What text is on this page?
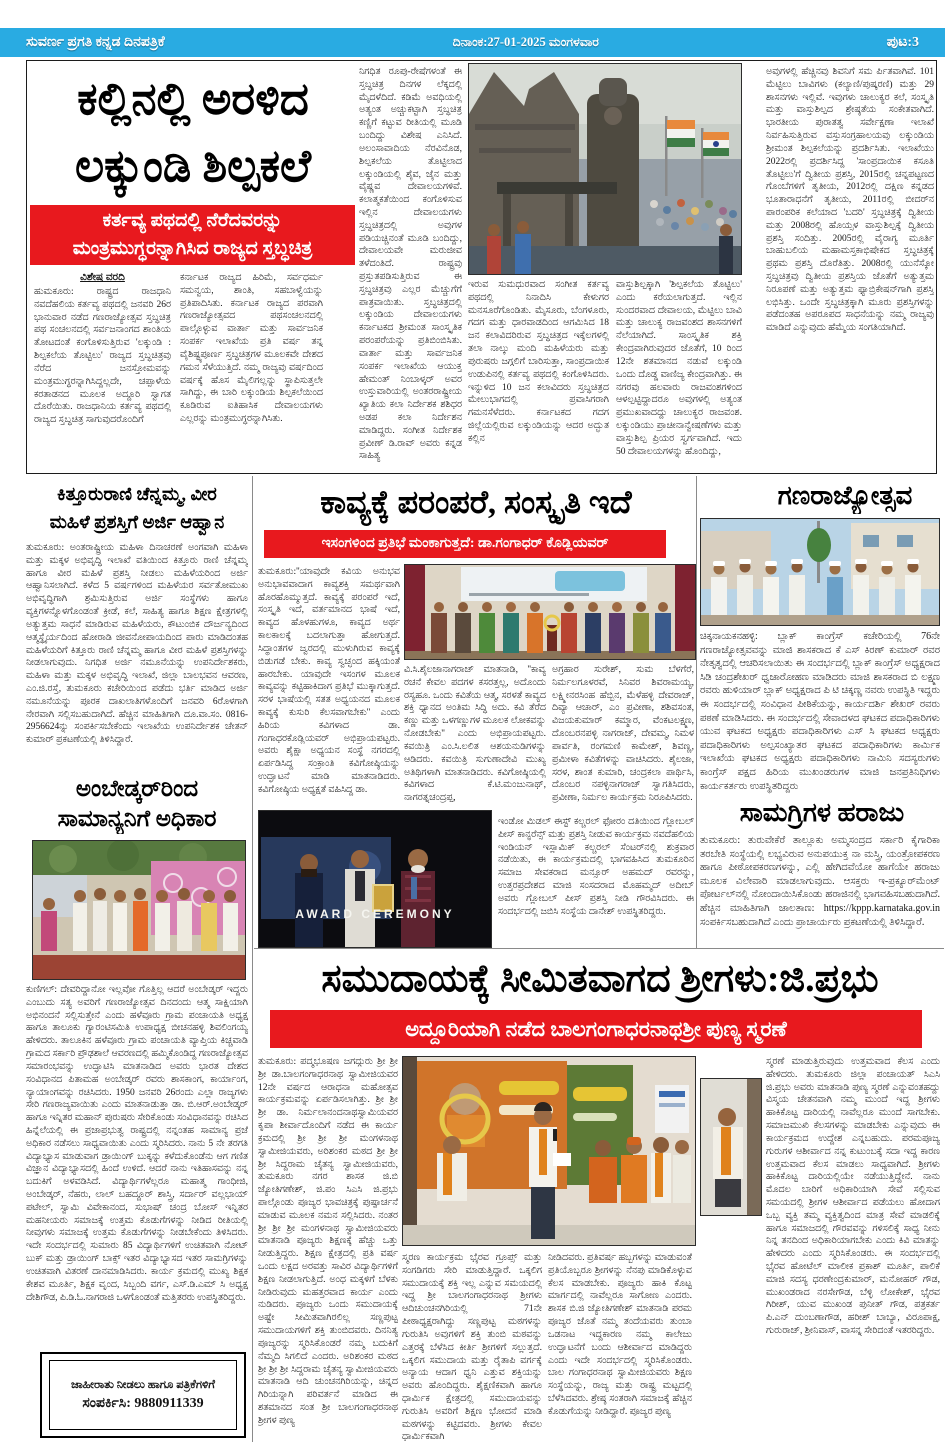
ಸುವರ್ಣ ಪ್ರಗತಿ ಕನ್ನಡ ದಿನಪತ್ರಿಕೆ	ದಿನಾಂಕ:27-01-2025 ಮಂಗಳವಾರ	ಪುಟ:3
ಕಲ್ಲಿನಲ್ಲಿ ಅರಳಿದ
ಲಕ್ಕುಂಡಿ ಶಿಲ್ಪಕಲೆ
ಕರ್ತವ್ಯ ಪಥದಲ್ಲಿ ನೆರೆದವರನ್ನು
ಮಂತ್ರಮುಗ್ಧರನ್ನಾಗಿಸಿದ ರಾಜ್ಯದ ಸ್ತಬ್ಧಚಿತ್ರ
ವಿಶೇಷ ವರದಿ
ಹುಮಕೂರು: ರಾಷ್ಟ್ರದ ರಾಜಧಾನಿ ನವದೆಹಲಿಯ ಕರ್ತವ್ಯ ಪಥದಲ್ಲಿ ಜನವರಿ 26ರ ಭಾನುವಾರ ನಡೆದ ಗಣರಾಜ್ಯೋತ್ಸವ ಸ್ತಬ್ಧಚಿತ್ರ ಪಥ ಸಂಚಲನದಲ್ಲಿ ಸರ್ವಜನಾಂಗದ ಶಾಂತಿಯ ತೋಟದಂತೆ ಕಂಗೊಳಿಸುತ್ತಿರುವ 'ಲಕ್ಕುಂಡಿ : ಶಿಲ್ಪಕಲೆಯ ತೊಟ್ಟಿಲು' ರಾಜ್ಯದ ಸ್ತಬ್ಧಚಿತ್ರವು ನೆರೆದ ಜನಸ್ತೋಮವನ್ನು ಮಂತ್ರಮುಗ್ಧರನ್ನಾಗಿಸಿದ್ದಲ್ಲದೇ, ಚಪ್ಪಾಳೆಯ ಕರತಾಡನದ ಮೂಲಕ ಅದ್ದೂರಿ ಸ್ವಾಗತ ದೊರೆಯಿತು. ರಾಜಧಾನಿಯ ಕರ್ತವ್ಯ ಪಥದಲ್ಲಿ ರಾಜ್ಯದ ಸ್ತಬ್ಧಚಿತ್ರ ಸಾಗುವುದರೊಂದಿಗೆ
ಕರ್ನಾಟಕ ರಾಜ್ಯದ ಹಿರಿಮೆ, ಸರ್ವಧರ್ಮ ಸಮನ್ವಯ, ಶಾಂತಿ, ಸಹಬಾಳ್ವೆಯನ್ನು ಪ್ರತಿಪಾದಿಸಿತು. ಕರ್ನಾಟಕ ರಾಜ್ಯದ ಪರವಾಗಿ ಗಣರಾಜ್ಯೋತ್ಸವದ ಪಥಸಂಚಲನದಲ್ಲಿ ಪಾಲ್ಗೊಳ್ಳುವ ವಾರ್ತಾ ಮತ್ತು ಸಾರ್ವಜನಿಕ ಸಂಪರ್ಕ ಇಲಾಖೆಯ ಪ್ರತಿ ವರ್ಷ ತನ್ನ ವೈಶಿಷ್ಟ್ಯಪೂರ್ಣ ಸ್ತಬ್ಧಚಿತ್ರಗಳ ಮೂಲಕವೇ ದೇಶದ ಗಮನ ಸೆಳೆಯುತ್ತಿದೆ. ನಮ್ಮ ರಾಜ್ಯವು ವರ್ಷದಿಂದ ವರ್ಷಕ್ಕೆ ಹೊಸ ಮೈಲಿಗಲ್ಲನ್ನು ಸ್ಥಾಪಿಸುತ್ತಲೇ ಸಾಗಿದ್ದು, ಈ ಬಾರಿ ಲಕ್ಕುಂಡಿಯ ಶಿಲ್ಪಕಲೆಯಿಂದ ಕೂಡಿರುವ ಐತಿಹಾಸಿಕ ದೇವಾಲಯಗಳು ಎಲ್ಲರನ್ನು ಮಂತ್ರಮುಗ್ಧರನ್ನಾಗಿಸಿತು.
ನಿಗಧಿತ ರೂಪು-ರೇಷೆಗಳಂತೆ ಈ ಸ್ತಬ್ಧಚಿತ್ರ ದಿನಗಳ ಲೆಕ್ಕದಲ್ಲಿ ಮೈದಳೆದಿದೆ. ಕಡಿಮೆ ಅವಧಿಯಲ್ಲಿ ಅತ್ಯಂತ ಅಚ್ಚುಕಟ್ಟಾಗಿ ಸ್ತಬ್ಧಚಿತ್ರ ಕಣ್ಣಿಗೆ ಕಟ್ಟುವ ರೀತಿಯಲ್ಲಿ ಮೂಡಿ ಬಂದಿದ್ದು ವಿಶೇಷ ಎನಿಸಿದೆ. ಅಲಂಸಾವಾದಿಯ ನೆರವಿನೊಡ, ಶಿಲ್ಪಕಲೆಯ ತೊಟ್ಟಿಲಾದ ಲಕ್ಕುಂಡಿಯಲ್ಲಿ ಶೈವ, ಜೈನ ಮತ್ತು ವೈಷ್ಣವ ದೇವಾಲಯಗಳಿವೆ. ಕಲಾತ್ಮಕತೆಯಿಂದ ಕಂಗೊಳಿಸುವ ಇಲ್ಲಿನ ದೇವಾಲಯಗಳು ಸ್ತಬ್ಧಚಿತ್ರದಲ್ಲಿ ಅವುಗಳ ಪಡಿಯಚ್ಚಿನಂತೆ ಮೂಡಿ ಬಂದಿದ್ದು, ದೇವಾಲಯವೇ ಮರುಜೀವ ತಳೆದಂತಿದೆ. ರಾಷ್ಟ್ರವು ಪ್ರಸ್ತುತಪಡಿಸುತ್ತಿರುವ ಈ ಸ್ತಬ್ಧಚಿತ್ರವು ಎಲ್ಲರ ಮೆಚ್ಚುಗೆಗೆ ಪಾತ್ರವಾಯಿತು. ಸ್ತಬ್ಧಚಿತ್ರದಲ್ಲಿ ಲಕ್ಕುಂಡಿಯ ದೇವಾಲಯಗಳು ಕರ್ನಾಟಕದ ಶ್ರೀಮಂತ ಸಾಂಸ್ಕೃತಿಕ ಪರಂಪರೆಯನ್ನು ಪ್ರತಿಬಿಂಬಿಸಿತು. ವಾರ್ತಾ ಮತ್ತು ಸಾರ್ವಜನಿಕ ಸಂಪರ್ಕ ಇಲಾಖೆಯ ಆಯುಕ್ತ ಹೇಮಂತ್ ನಿಂಬಾಳ್ಕರ್ ಅವರ ಉಸ್ತುವಾರಿಯಲ್ಲಿ ಅಂತರರಾಷ್ಟ್ರೀಯ ಖ್ಯಾತಿಯ ಕಲಾ ನಿರ್ದೇಶಕ ಶಶಿಧರ ಅಡಪ ಕಲಾ ನಿರ್ದೇಶನ ಮಾಡಿದ್ದರು. ಸಂಗೀತ ನಿರ್ದೇಶಕ ಪ್ರವೀಣ್ ಡಿ.ರಾವ್ ಅವರು ಕನ್ನಡ ಸಾಹಿತ್ಯ
ಇರುವ ಸುಮಧುರವಾದ ಸಂಗೀತ ಕರ್ತವ್ಯ ಪಥದಲ್ಲಿ ನಿನಾದಿಸಿ ಕೇಳುಗರ ಮನಸೂರೆಗೊಂಡಿತು. ಮೈಸೂರು, ಬೆಂಗಳೂರು, ಗದಗ ಮತ್ತು ಧಾರವಾಡದಿಂದ ಆಗಮಿಸಿದ 18 ಜನ ಕಲಾವಿದರಿರುವ ಸ್ತಬ್ಧಚಿತ್ರದ ಇಕ್ಕೆಲಗಳಲ್ಲಿ ತಲಾ ನಾಲ್ಕು ಮಂದಿ ಮಹಿಳೆಯರು ಮತ್ತು ಪುರುಷರು ಜಗ್ಗಲಿಗೆ ಬಾರಿಸುತ್ತಾ, ಸಾಂಪ್ರದಾಯಿಕ ಉಡುಪಿನಲ್ಲಿ ಕರ್ತವ್ಯ ಪಥದಲ್ಲಿ ಕಂಗೊಳಿಸಿದರು. ಇನ್ನುಳಿದ 10 ಜನ ಕಲಾವಿದರು ಸ್ತಬ್ಧಚಿತ್ರದ ಮೇಲುಭಾಗದಲ್ಲಿ ಪ್ರವಾಸಿಗರಾಗಿ ಗಮನಸೆಳೆದರು. ಕರ್ನಾಟಕದ ಗದಗ ಜಿಲ್ಲೆಯಲ್ಲಿರುವ ಲಕ್ಕುಂಡಿಯನ್ನು ಆದರ ಅದ್ಭುತ ಕಲ್ಲಿನ
ವಾಸ್ತುಶಿಲ್ಪಕ್ಕಾಗಿ 'ಶಿಲ್ಪಕಲೆಯ ತೊಟ್ಟಿಲು' ಎಂದು ಕರೆಯಲಾಗುತ್ತದೆ. ಇಲ್ಲಿನ ಸುಂದರವಾದ ದೇವಾಲಯ, ಮೆಟ್ಟಿಲು ಬಾವಿ ಮತ್ತು ಚಾಲುಕ್ಯ ರಾಜವಂಶದ ಶಾಸನಗಳಿಗೆ ನೆಲೆಯಾಗಿದೆ. ಸಾಂಸ್ಕೃತಿಕ ಶಕ್ತಿ ಕೇಂದ್ರವಾಗಿರುವುದರ ಜೊತೆಗೆ, 10 ರಿಂದ 12ನೇ ಶತಮಾನದ ನಡುವೆ ಲಕ್ಕುಂಡಿ ಒಂದು ದೊಡ್ಡ ವಾಣಿಜ್ಯ ಕೇಂದ್ರವಾಗಿತ್ತು. ಈ ನಗರವು ಹಲವಾರು ರಾಜವಂಶಗಳಿಂದ ಆಳಲ್ಪಟ್ಟಿದ್ದಾದರೂ ಅವುಗಳಲ್ಲಿ ಅತ್ಯಂತ ಪ್ರಮುಖವಾದದ್ದು ಚಾಲುಕ್ಯರ ರಾಜವಂಶ. ಲಕ್ಕುಂಡಿಯು ಪ್ರಾಚೀನಾನ್ವೇಷಣೆಗಳು ಮತ್ತು ವಾಸ್ತುಶಿಲ್ಪ ಪ್ರಿಯರ ಸ್ವರ್ಗವಾಗಿದೆ. ಇದು 50 ದೇವಾಲಯಗಳನ್ನು ಹೊಂದಿದ್ದು,
ಅವುಗಳಲ್ಲಿ ಹೆಚ್ಚಿನವು ಶಿವನಿಗೆ ಸಮ ರ್ಪಿತವಾಗಿವೆ. 101 ಮೆಟ್ಟಿಲು ಬಾವಿಗಳು (ಕಲ್ಯಾಣಿ/ಪುಷ್ಕರಣಿ) ಮತ್ತು 29 ಶಾಸನಗಳು ಇಲ್ಲಿವೆ. ಇವುಗಳು ಚಾಲುಕ್ಯರ ಕಲೆ, ಸಂಸ್ಕೃತಿ ಮತ್ತು ವಾಸ್ತುಶಿಲ್ಪದ ಶ್ರೇಷ್ಠತೆಯ ಸಂಕೇತವಾಗಿದೆ. ಭಾರತೀಯ ಪುರಾತತ್ವ ಸರ್ವೇಕ್ಷಣಾ ಇಲಾಖೆ ನಿರ್ವಹಿಸುತ್ತಿರುವ ವಸ್ತುಸಂಗ್ರಹಾಲಯವು ಲಕ್ಕುಂಡಿಯ ಶ್ರೀಮಂತ ಶಿಲ್ಪಕಲೆಯನ್ನು ಪ್ರದರ್ಶಿಸಿತು. ಇಲಾಖೆಯು 2022ರಲ್ಲಿ ಪ್ರದರ್ಶಿಸಿದ್ದ 'ಸಾಂಪ್ರದಾಯಿಕ ಕಸೂತಿ ತೊಟ್ಟಿಲು'ಗೆ ದ್ವಿತೀಯ ಪ್ರಶಸ್ತಿ, 2015ರಲ್ಲಿ ಚನ್ನಪಟ್ಟಣದ ಗೊಂಬೆಗಳಿಗೆ ತೃತೀಯ, 2012ರಲ್ಲಿ ದಕ್ಷಿಣ ಕನ್ನಡದ ಭೂತಾರಾಧನೆಗೆ ತೃತೀಯ, 2011ರಲ್ಲಿ ಬೀದರ್‌ನ ಪಾರಂಪರಿಕ ಕಲೆಯಾದ 'ಬದರಿ' ಸ್ತಬ್ಧಚಿತ್ರಕ್ಕೆ ದ್ವಿತೀಯ ಮತ್ತು 2008ರಲ್ಲಿ ಹೊಯ್ಸಳ ವಾಸ್ತುಶಿಲ್ಪಕ್ಕೆ ದ್ವಿತೀಯ ಪ್ರಶಸ್ತಿ ಸಂದಿತ್ತು. 2005ರಲ್ಲಿ ವೈರಾಗ್ಯ ಮೂರ್ತಿ ಬಾಹುಬಲಿಯ ಮಹಾಮಸ್ತಕಾಭಿಷೇಕದ ಸ್ತಬ್ಧಚಿತ್ರಕ್ಕೆ ಪ್ರಥಮ ಪ್ರಶಸ್ತಿ ದೊರೆತಿತ್ತು. 2008ರಲ್ಲಿ ಯುನೆಸ್ಕೋ ಸ್ತಬ್ಧಚಿತ್ರವು ದ್ವಿತೀಯ ಪ್ರಶಸ್ತಿಯ ಜೊತೆಗೆ ಅತ್ಯುತ್ತಮ ನಿರೂಪಣೆ ಮತ್ತು ಅತ್ಯುತ್ತಮ ಫ್ಯಾಬ್ರಿಕೇಷನ್‌ಗಾಗಿ ಪ್ರಶಸ್ತಿ ಲಭಿಸಿತ್ತು. ಒಂದೇ ಸ್ತಬ್ಧಚಿತ್ರಕ್ಕಾಗಿ ಮೂರು ಪ್ರಶಸ್ತಿಗಳನ್ನು ಪಡೆದಂತಹ ಅಪರೂಪದ ಸಾಧನೆಯನ್ನು ನಮ್ಮ ರಾಜ್ಯವು ಮಾಡಿದೆ ಎನ್ನುವುದು ಹೆಮ್ಮೆಯ ಸಂಗತಿಯಾಗಿದೆ.
ಕಿತ್ತೂರುರಾಣಿ ಚೆನ್ನಮ್ಮ, ವೀರ
ಮಹಿಳೆ ಪ್ರಶಸ್ತಿಗೆ ಅರ್ಜಿ ಆಹ್ವಾನ
ತುಮಕೂರು: ಅಂತರಾಷ್ಟ್ರೀಯ ಮಹಿಳಾ ದಿನಾಚರಣೆ ಅಂಗವಾಗಿ ಮಹಿಳಾ ಮತ್ತು ಮಕ್ಕಳ ಅಭಿವೃದ್ಧಿ ಇಲಾಖೆ ವತಿಯಿಂದ ಕಿತ್ತೂರು ರಾಣಿ ಚೆನ್ನಮ್ಮ ಹಾಗೂ ವೀರ ಮಹಿಳೆ ಪ್ರಶಸ್ತಿ ನೀಡಲು ಮಹಿಳೆಯರಿಂದ ಅರ್ಜಿ ಆಹ್ವಾನಿಸಲಾಗಿದೆ. ಕಳೆದ 5 ವರ್ಷಗಳಿಂದ ಮಹಿಳೆಯರ ಸರ್ವತೋಮುಖ ಅಭಿವೃದ್ಧಿಗಾಗಿ ಶ್ರಮಿಸುತ್ತಿರುವ ಅರ್ಜಿ ಸಂಸ್ಥೆಗಳು ಹಾಗೂ ವ್ಯಕ್ತಿಗಳನ್ನೊಳಗೊಂಡಂತೆ ಕ್ರೀಡೆ, ಕಲೆ, ಸಾಹಿತ್ಯ ಹಾಗೂ ಶಿಕ್ಷಣ ಕ್ಷೇತ್ರಗಳಲ್ಲಿ ಅತ್ಯುತ್ತಮ ಸಾಧನೆ ಮಾಡಿರುವ ಮಹಿಳೆಯರು, ಕೌಟುಂಬಿಕ ದೌರ್ಜನ್ಯದಿಂದ ಆತ್ಮಸ್ಥೈರ್ಯದಿಂದ ಹೋರಾಡಿ ಜೀವನೋಪಾಯದಿಂದ ಪಾರು ಮಾಡಿದಂತಹ ಮಹಿಳೆಯರಿಗೆ ಕಿತ್ತೂರು ರಾಣಿ ಚೆನ್ನಮ್ಮ ಹಾಗೂ ವೀರ ಮಹಿಳೆ ಪ್ರಶಸ್ತಿಗಳನ್ನು ನೀಡಲಾಗುವುದು. ನಿಗಧಿತ ಅರ್ಜಿ ನಮೂನೆಯನ್ನು ಉಪನಿರ್ದೇಶಕರು, ಮಹಿಳಾ ಮತ್ತು ಮಕ್ಕಳ ಅಭಿವೃದ್ಧಿ ಇಲಾಖೆ, ಜಿಲ್ಲಾ ಬಾಲಭವನ ಆವರಣ, ಎಂ.ಜಿ.ರಸ್ತೆ, ತುಮಕೂರು ಕಚೇರಿಯಿಂದ ಪಡೆದು ಭರ್ತಿ ಮಾಡಿದ ಅರ್ಜಿ ನಮೂನೆಯನ್ನು ಪೂರಕ ದಾಖಲಾತಿಗಳೊಂದಿಗೆ ಜನವರಿ 6ರೊಳಗಾಗಿ ನೇರವಾಗಿ ಸಲ್ಲಿಸಬಹುದಾಗಿದೆ. ಹೆಚ್ಚಿನ ಮಾಹಿತಿಗಾಗಿ ದೂ.ವಾ.ಸಂ. 0816-2956624ನ್ನು ಸಂಪರ್ಕಿಸಬೇಕೆಂದು ಇಲಾಖೆಯ ಉಪನಿರ್ದೇಶಕ ಚೇತನ್ ಕುಮಾರ್ ಪ್ರಕಟಣೆಯಲ್ಲಿ ತಿಳಿಸಿದ್ದಾರೆ.
ಅಂಬೇಡ್ಕರ್‌ರಿಂದ
ಸಾಮಾನ್ಯನಿಗೆ ಅಧಿಕಾರ
ಕುಣಿಗಲ್: ದೇವರಿದ್ದಾನೋ ಇಲ್ಲವೋ ಗೊತ್ತಿಲ್ಲ ಆದರೆ ಅಂಬೇಡ್ಕರ್ ಇದ್ದರು ಎಂಬುದು ಸತ್ಯ ಅವರಿಗೆ ಗಣರಾಜ್ಯೋತ್ಸವ ದಿನದಂದು ಆತ್ಮ ಸಾಕ್ಷಿಯಾಗಿ ಅಭಿನಂದನೆ ಸಲ್ಲಿಸುತ್ತೇನೆ ಎಂದು ಹಳೆವೂರು ಗ್ರಾಮ ಪಂಚಾಯತಿ ಅಧ್ಯಕ್ಷ ಹಾಗೂ ತಾಲೂಕು ಗ್ಯಾರಂಟಿಸಮಿತಿ ಉಪಾಧ್ಯಕ್ಷ ಬೀಚನಹಳ್ಳಿ ಶಿವಲಿಂಗಯ್ಯ ಹೇಳಿದರು. ತಾಲೂಕಿನ ಹಳೆವೂರು ಗ್ರಾಮ ಪಂಚಾಯತಿ ವ್ಯಾಪ್ತಿಯ ಕಿಚ್ಚವಾಡಿ ಗ್ರಾಮದ ಸರ್ಕಾರಿ ಪ್ರೌಢಶಾಲೆ ಆವರಣದಲ್ಲಿ ಹಮ್ಮಿಕೊಂಡಿದ್ದ ಗಣರಾಜ್ಯೋತ್ಸವ ಸಮಾರಂಭವನ್ನು ಉದ್ಘಾಟಿಸಿ ಮಾತನಾಡಿದ ಅವರು ಭಾರತ ದೇಶದ ಸಂವಿಧಾನದ ಪಿತಾಮಹ ಅಂಬೇಡ್ಕರ್ ರವರು ಶಾಸಕಾಂಗ, ಕಾರ್ಯಾಂಗ, ನ್ಯಾಯಾಂಗವನ್ನು ರಚಿಸಿದರು. 1950 ಜನವರಿ 26ರಂದು ಎಲ್ಲಾ ರಾಜ್ಯಗಳು ಸೇರಿ ಗಣರಾಜ್ಯವಾಯಿತು ಎಂದು ಮಾತನಾಡುತ್ತಾ ಡಾ. ಬಿ.ಆರ್.ಅಂಬೇಡ್ಕರ್ ಹಾಗೂ ಇನ್ನಿತರ ಮಹಾನ್ ಪುರುಷರು ಸೇರಿಕೊಂಡು ಸಂವಿಧಾನವನ್ನು ರಚಿಸಿದ ಹಿನ್ನೆಲೆಯಲ್ಲಿ ಈ ಪ್ರಜಾಪ್ರಭುತ್ವ ರಾಷ್ಟ್ರದಲ್ಲಿ ನನ್ನಂತಹ ಸಾಮಾನ್ಯ ಪ್ರಜೆ ಅಧಿಕಾರ ನಡೆಸಲು ಸಾಧ್ಯವಾಯಿತು ಎಂದು ಸ್ಮರಿಸಿದರು. ನಾನು 5 ನೇ ತರಗತಿ ವಿದ್ಯಾಭ್ಯಾಸ ಮಾಡುವಾಗ ಡ್ರಾಯಿಂಗ್ ಬುಕ್ಕನ್ನು ಕಳೆದುಕೊಂಡೆನು ಆಗ ಗಣಿತ ವಿಜ್ಞಾನ ವಿದ್ಯಾಭ್ಯಾಸದಲ್ಲಿ ಹಿಂದೆ ಉಳಿದೆ. ಆದರೆ ನಾನು ಇತಿಹಾಸವನ್ನು ನನ್ನ ಬದುಕಿಗೆ ಅಳವಡಿಸಿದೆ. ವಿದ್ಯಾರ್ಥಿಗಳೆಲ್ಲರೂ ಮಹಾತ್ಮ ಗಾಂಧೀಜಿ, ಅಂಬೇಡ್ಕರ್, ನೆಹರು, ಲಾಲ್ ಬಹದ್ದೂರ್ ಶಾಸ್ತ್ರಿ, ಸರ್ದಾರ್ ವಲ್ಲಭಾಯ್ ಪಟೇಲ್, ಸ್ವಾಮಿ ವಿವೇಕಾನಂದ, ಸುಭಾಷ್ ಚಂದ್ರ ಬೋಸ್ ಇನ್ನಿತರ ಮಹನೀಯರು ಸಮಾಜಕ್ಕೆ ಉತ್ತಮ ಕೊಡುಗೆಗಳನ್ನು ನೀಡಿದ ರೀತಿಯಲ್ಲಿ ನೀವುಗಳು ಸಮಾಜಕ್ಕೆ ಉತ್ತಮ ಕೊಡುಗೆಗಳನ್ನು ನೀಡಬೇಕೆಂದು ತಿಳಿಸಿದರು. ಇದೇ ಸಂದರ್ಭದಲ್ಲಿ ಸುಮಾರು 85 ವಿದ್ಯಾರ್ಥಿಗಳಿಗೆ ಉಚಿತವಾಗಿ ನೋಟ್ ಬುಕ್ ಮತ್ತು ಡ್ರಾಯಿಂಗ್ ಬಾಕ್ಸ್ ಇತರ ವಿದ್ಯಾಭ್ಯಾಸದ ಇತರ ಸಾಮಗ್ರಿಗಳನ್ನು ಉಚಿತವಾಗಿ ವಿತರಣೆ ದಾನಮಾಡಿಸಿದರು. ಕಾರ್ಯ ಕ್ರಮದಲ್ಲಿ ಮುಖ್ಯ ಶಿಕ್ಷಕ ಕೇಶವ ಮೂರ್ತಿ, ಶಿಕ್ಷಕ ವೃಂದ, ಸಿಬ್ಬಂದಿ ವರ್ಗ, ಎಸ್.ಡಿ.ಎಮ್ ಸಿ ಅಧ್ಯಕ್ಷ ದೇಶಿಗೌಡ, ಪಿ.ಡಿ.ಓ.ನಾಗರಾಜಿ ಒಳಗೊಂಡಂತೆ ಮತ್ತಿತರರು ಉಪಸ್ಥಿತರಿದ್ದರು.
ಜಾಹೀರಾತು ನೀಡಲು ಹಾಗೂ ಪತ್ರಿಕೆಗಳಿಗೆ
ಸಂಪರ್ಕಿಸಿ: 9880911339
ಕಾವ್ಯಕ್ಕೆ ಪರಂಪರೆ, ಸಂಸ್ಕೃತಿ ಇದೆ
ಇಸಂಗಳಿಂದ ಪ್ರತಿಭೆ ಮಂಕಾಗುತ್ತದೆ: ಡಾ.ಗಂಗಾಧರ್ ಕೊಡ್ಲಿಯವರ್
ತುಮಕೂರು:''ಯಾವುದೇ ಕವಿಯ ಅನುಭವ ಅನುಭಾವವಾದಾಗ ಕಾವ್ಯಶಕ್ತಿ ಸಮರ್ಥವಾಗಿ ಹೊರಹೊಮ್ಮುತ್ತದೆ. ಕಾವ್ಯಕ್ಕೆ ಪರಂಪರೆ ಇದೆ, ಸಂಸ್ಕೃತಿ ಇದೆ, ವರ್ತಮಾನದ ಭಾಷೆ ಇದೆ, ಕಾವ್ಯದ ಹೊಳಹುಗಳೂ, ಕಾವ್ಯದ ಅರ್ಥ ಕಾಲಕಾಲಕ್ಕೆ ಬದಲಾಗುತ್ತಾ ಹೋಗುತ್ತದೆ. ಸಿದ್ಧಾಂತಗಳ ಜ್ವರದಲ್ಲಿ ಮುಳುಗಿರುವ ಕಾವ್ಯಕ್ಕೆ ಬಿಡುಗಡೆ ಬೇಕು. ಕಾವ್ಯ ಸ್ವಚ್ಛಂದ ಹಕ್ಕಿಯಂತೆ ಹಾರಬೇಕು. ಯಾವುದೇ ಇಸಂಗಳ ಮೂಲಕ ಕಾವ್ಯವನ್ನು ಕಟ್ಟಿಹಾಕಿದಾಗ ಪ್ರತಿಭೆ ಮುಕ್ಕಾಗುತ್ತದೆ. ಸರಳ ಭಾಷೆಯಲ್ಲಿ ಸತತ ಅಧ್ಯಯನದ ಮೂಲಕ ಕಾವ್ಯಕ್ಕೆ ಕುಸುರಿ ಕೆಲಸವಾಗಬೇಕು'' ಎಂದು ಹಿರಿಯ ಕವಿಗಳಾದ ಡಾ. ಗಂಗಾಧರಕೊಡ್ಲಿಯವರ್ ಅಭಿಪ್ರಾಯಪಟ್ಟರು. ಅವರು ಶೈಕ್ಷಾ ಅಧ್ಯಯನ ಸಂಸ್ಥೆ ನಗರದಲ್ಲಿ ಏರ್ಪಡಿಸಿದ್ದ ಸಂಕ್ರಾಂತಿ ಕವಿಗೋಷ್ಠಿಯನ್ನು ಉದ್ಘಾಟನೆ ಮಾಡಿ ಮಾತನಾಡಿದರು. ಕವಿಗೋಷ್ಠಿಯ ಅಧ್ಯಕ್ಷತೆ ವಹಿಸಿದ್ದ ಡಾ.
ವಿ.ಸಿ.ಶೈಲಜಾನಾಗರಾಜ್ ಮಾತನಾಡಿ, ''ಕಾವ್ಯ ರಚನೆ ಕೇವಲ ಪದಗಳ ಕಸರತ್ತಲ್ಲ, ಅದೊಂದು ರಸ್ಯಹೂ. ಒಂದು ಕವಿತೆಯ ಆತ್ಮ, ಸರಳತೆ ಕಾವ್ಯದ ಶಕ್ತಿ ಧ್ಯಾನದ ಅಂತಿಮ ಸಿದ್ಧಿ ಅದು. ಕವಿ ತೆರೆದ ಕಣ್ಣು ಮತ್ತು ಒಳಗಣ್ಣುಗಳ ಮೂಲಕ ಲೋಕವನ್ನು ನೋಡಬೇಕು'' ಎಂದು ಅಭಿಪ್ರಾಯಪಟ್ಟರು. ಕವಯಿತ್ರಿ ಎಂ.ಸಿ.ಲಲಿತ ಆಶಯನುಡಿಗಳನ್ನು ಆಡಿದರು. ಕವಯಿತ್ರಿ ಸುಗುಣಾದೇವಿ ಮುಖ್ಯ ಅತಿಥಿಗಳಾಗಿ ಮಾತನಾಡಿದರು. ಕವಿಗೋಷ್ಠಿಯಲ್ಲಿ ಕವಿಗಳಾದ ಕೆ.ಟಿ.ಮಂಜುನಾಥ್, ನಾಗರತ್ನಚಂದ್ರಪ್ಪ,
ಅಗ್ರಹಾರ ಸುರೇಶ್, ಸುಮ ಬೆಳಗೆರೆ, ನಿರ್ಮಲಗೂಳರವೆ, ಸಿನಿವರ ಶಿವರಾಮಯ್ಯ, ಲಕ್ಷ್ಮೀನರಸಿಂಹ ಹೆಬ್ಬಿನ, ಮೆಳೆಹಳ್ಳಿ ದೇವರಾಜ್, ದಿವ್ಯಾ ಆಚಾರ್, ಎಂ ಪ್ರವೀಣಾ, ಶಶಿವಸಂತ, ವಿಜಯಕುಮಾರ್ ಕಮ್ಮಾರ, ವೆಂಕಟಲಕ್ಷ್ಮಣ, ದೊಂಬರನಪಳ್ಳಿ ನಾಗರಾಜ್, ದೇವಮ್ಮ, ನಿಮಳ ಪಾರ್ವತಿ, ರಂಗಮಣಿ ಕಾಮೇಶ್, ಶಿವಣ್ಣ, ಪ್ರಮೀಳಾ ಕವಿತೆಗಳನ್ನು ವಾಚಿಸಿದರು. ಶೈಲಜಾ, ಸರಳ, ಶಾಂತ ಕುಮಾರಿ, ಚಂದ್ರಕಲಾ ಪಾರ್ಥಿಸಿ, ದೊಂಬರ ನಪಳ್ಳಿನಾಗರಾಜ್ ಸ್ವಾಗತಿಸಿದರು, ಪ್ರವೀಣಾ, ನಿರ್ಮಲ ಕಾರ್ಯಕ್ರಮ ನಿರೂಪಿಸಿದರು.
AWARD CEREMONY
ಇಂಡೋ ಮಿಡಲ್ ಈಸ್ಟ್ ಕಲ್ಚರಲ್ ಫೋರಂ ದತಿಯಿಂದ ಗ್ಲೋಬಲ್ ಪೀಸ್ ಕಾನ್ಫರೆನ್ಸ್ ಮತ್ತು ಪ್ರಶಸ್ತಿ ನೀಡುವ ಕಾರ್ಯಕ್ರಮ ನವದೆಹಲಿಯ ಇಂಡಿಯನ್ ಇಸ್ಲಾಮಿಕ್ ಕಲ್ಚರಲ್ ಸೆಂಟರ್‌ನಲ್ಲಿ ಶುಕ್ರವಾರ ನಡೆಯಿತು, ಈ ಕಾರ್ಯಕ್ರಮದಲ್ಲಿ ಭಾಗವಹಿಸಿದ ತುಮಕೂರಿನ ಸಮಾಜ ಸೇವಕರಾದ ಮನ್ಸೂರ್ ಅಹಮದ್ ರವರನ್ನು, ಉತ್ತರಪ್ರದೇಶದ ಮಾಜಿ ಸಂಸದರಾದ ಮೊಹಮ್ಮದ್ ಅದೀಬ್ ಅವರು ಗ್ಲೋಬಲ್ ಪೀಸ್ ಪ್ರಶಸ್ತಿ ನೀಡಿ ಗೌರವಿಸಿದರು. ಈ ಸಂದರ್ಭದಲ್ಲಿ ಜಬಿಸಿ ಸಂಸ್ಥೆಯ ದಾನೇಶ್ ಉಪಸ್ಥಿತರಿದ್ದರು.
ಗಣರಾಜ್ಯೋತ್ಸವ
ಚಿಕ್ಕನಾಯಕನಹಳ್ಳಿ: ಬ್ಲಾಕ್ ಕಾಂಗ್ರೆಸ್ ಕಚೇರಿಯಲ್ಲಿ 76ನೇ ಗಣರಾಜ್ಯೋತ್ಸವವನ್ನು ಮಾಜಿ ಶಾಸಕರಾದ ಕೆ ಎಸ್ ಕಿರಣ್ ಕುಮಾರ್ ರವರ ನೇತೃತ್ವದಲ್ಲಿ ಆಚರಿಸಲಾಯಿತು ಈ ಸಂದರ್ಭದಲ್ಲಿ ಬ್ಲಾಕ್ ಕಾಂಗ್ರೆಸ್ ಅಧ್ಯಕ್ಷರಾದ ಸಿಡಿ ಚಂದ್ರಶೇಖರ್ ಧ್ವಜಾರೋಹಣ ಮಾಡಿದರು ಮಾಜಿ ಶಾಸಕರಾದ ಬಿ ಲಕ್ಷ್ಮಣ ರವರು ಹುಳಿಯಾರ್ ಬ್ಲಾಕ್ ಅಧ್ಯಕ್ಷರಾದ ಪಿ ಟಿ ಚಿಕ್ಕಣ್ಣ ನವರು ಉಪಸ್ಥಿತಿ ಇದ್ದರು ಈ ಸಂದರ್ಭದಲ್ಲಿ ಸಂವಿಧಾನ ಪೀಠಿಕೆಯನ್ನು, ಕಾರ್ಯದರ್ಶಿ ಶೇಖರ್ ರವರು ಪಠಣೆ ಮಾಡಿಸಿದರು. ಈ ಸಂದರ್ಭದಲ್ಲಿ ಸೇವಾದಳದ ಘಟಕದ ಪದಾಧಿಕಾರಿಗಳು ಯುವ ಘಟಕದ ಅಧ್ಯಕ್ಷರು ಪದಾಧಿಕಾರಿಗಳು ಎಸ್ ಸಿ ಘಟಕದ ಅಧ್ಯಕ್ಷರು ಪದಾಧಿಕಾರಿಗಳು ಅಲ್ಪಸಂಖ್ಯಾತರ ಘಟಕದ ಪದಾಧಿಕಾರಿಗಳು ಕಾರ್ಮಿಕ ಇಲಾಖೆಯ ಘಟಕದ ಅಧ್ಯಕ್ಷರು ಪದಾಧಿಕಾರಿಗಳು ನಾಮಿನಿ ಸದಸ್ಯರುಗಳು ಕಾಂಗ್ರೆಸ್ ಪಕ್ಷದ ಹಿರಿಯ ಮುಖಂಡರುಗಳ ಮಾಜಿ ಜನಪ್ರತಿನಿಧಿಗಳು ಕಾರ್ಯಕರ್ತರು ಉಪಸ್ಥಿತರಿದ್ದರು
ಸಾಮಗ್ರಿಗಳ ಹರಾಜು
ತುಮಕೂರು: ತುರುವೇಕೆರೆ ತಾಲ್ಲೂಕು ಅಮ್ಮಸಂದ್ರದ ಸರ್ಕಾರಿ ಕೈಗಾರಿಕಾ ತರಬೇತಿ ಸಂಸ್ಥೆಯಲ್ಲಿ ಲಭ್ಯವಿರುವ ಅನುಪಯುಕ್ತ ನಾ ಮಸ್ತ್ರಿ, ಯಂತ್ರೋಪಕರಣ ಹಾಗೂ ಪೀಠೋಪಕರಣಗಳನ್ನು, ಎಲ್ಲಿ ಹೇಗಿದವೆಯೋ ಹಾಗೆಯೇ ಹರಾಜು ಮೂಲಕ ವಿಲೇವಾರಿ ಮಾಡಲಾಗುವುದು. ಆಸಕ್ತರು ಇ-ಪ್ರಕ್ಯೂರ್‌ಮೆಂಟ್ ಪೋರ್ಟಲ್‌ನಲ್ಲಿ ನೋಂದಾಯಿಸಿಕೊಂಡು ಹರಾಜಿನಲ್ಲಿ ಭಾಗವಹಿಸಬಹುದಾಗಿದೆ. ಹೆಚ್ಚಿನ ಮಾಹಿತಿಗಾಗಿ ಜಾಲತಾಣ: https://kppp.karnataka.gov.in ಸಂಪರ್ಕಿಸಬಹುದಾಗಿದೆ ಎಂದು ಪ್ರಾಚಾರ್ಯರು ಪ್ರಕಟಣೆಯಲ್ಲಿ ತಿಳಿಸಿದ್ದಾರೆ.
ಸಮುದಾಯಕ್ಕೆ ಸೀಮಿತವಾಗದ ಶ್ರೀಗಳು:ಜಿ.ಪ್ರಭು
ಅದ್ದೂರಿಯಾಗಿ ನಡೆದ ಬಾಲಗಂಗಾಧರನಾಥಶ್ರೀ ಪುಣ್ಯ ಸ್ಮರಣೆ
ತುಮಕೂರು: ಪದ್ಮಭೂಷಣ ಜಗದ್ಗುರು ಶ್ರೀ ಶ್ರೀ ಶ್ರೀ ಡಾ.ಬಾಲಗಂಗಾಧರನಾಥ ಸ್ವಾಮೀಜಿಯವರ 12ನೇ ವರ್ಷದ ಆರಾಧನಾ ಮಹೋತ್ಸವ ಕಾರ್ಯಕ್ರಮವನ್ನು ಏರ್ಪಡಿಸಲಾಗಿತ್ತು. ಶ್ರೀ ಶ್ರೀ ಶ್ರೀ ಡಾ. ನಿರ್ಮಲಾನಂದನಾಥಸ್ವಾಮಿಯವರ ಕೃಪಾ ಶೀರ್ವಾದೊಂದಿಗೆ ನಡೆದ ಈ ಕಾರ್ಯ ಕ್ರಮದಲ್ಲಿ ಶ್ರೀ ಶ್ರೀ ಶ್ರೀ ಮಂಗಳನಾಥ ಸ್ವಾಮೀಜಿಯವರು, ಅರಿಶಂಕರ ಮಠದ ಶ್ರೀ ಶ್ರೀ ಶ್ರೀ ಸಿದ್ದರಾಮ ಚೈತನ್ಯ ಸ್ವಾಮೀಜಿಯವರು, ತುಮಕೂರು ನಗರ ಶಾಸಕ ಜಿ.ಬಿ ಜ್ಯೋತಿಗಣೇಶ್, ಜಿ.ಪಂ ಸಿಎಸಿ ಜಿ.ಪ್ರಭು ಪಾಲ್ಗೊಂಡು ಪೂಜ್ಯರ ಭಾವಚಿತ್ರಕ್ಕೆ ಪುಷ್ಪಾರ್ಚನೆ ಮಾಡುವ ಮೂಲಕ ನಮನ ಸಲ್ಲಿಸಿದರು. ನಂತರ ಶ್ರೀ ಶ್ರೀ ಶ್ರೀ ಮಂಗಳನಾಥ ಸ್ವಾಮೀಜಿಯವರು ಮಾತನಾಡಿ ಪೂಜ್ಯರು ಶಿಕ್ಷಣಕ್ಕೆ ಹೆಚ್ಚು ಒತ್ತು ನೀಡುತ್ತಿದ್ದರು. ಶಿಕ್ಷಣ ಕ್ಷೇತ್ರದಲ್ಲಿ ಪ್ರತಿ ವರ್ಷ ಒಂದು ಲಕ್ಷದ ಅರವತ್ತು ಸಾವಿರ ವಿದ್ಯಾರ್ಥಿಗಳಿಗೆ ಶಿಕ್ಷಣ ನೀಡಲಾಗುತ್ತಿದೆ. ಅಂಧ ಮಕ್ಕಳಿಗೆ ಬೆಳಕು ನೀಡಿರುವುದು ಮಹತ್ತರವಾದ ಕಾರ್ಯ ಎಂದು ನುಡಿದರು. ಪೂಜ್ಯರು ಒಂದು ಸಮುದಾಯಕ್ಕೆ ಅಷ್ಟೇ ಸೀಮಿತವಾಗಿರಲಿಲ್ಲ ಸಣ್ಣಪುಟ್ಟ ಸಮುದಾಯಗಳಿಗೆ ಶಕ್ತಿ ತುಂಬಿದವರು. ದಿನನಿತ್ಯ ಪೂಜ್ಯರನ್ನು ಸ್ಮರಿಸಿಕೊಂಡರೆ ನಮ್ಮ ಬದುಕಿಗೆ ನೆಮ್ಮದಿ ಸಿಗಲಿದೆ ಎಂದರು. ಅರಿಶಂಕರ ಮಠದ ಶ್ರೀ ಶ್ರೀ ಶ್ರೀ ಸಿದ್ದರಾಮ ಚೈತನ್ಯ ಸ್ವಾಮೀಜಿಯವರು ಮಾತನಾಡಿ ಆದಿ ಚುಂಚನಗಿರಿಯನ್ನು, ಚಿನ್ನದ ಗಿರಿಯನ್ನಾಗಿ ಪರಿವರ್ತನೆ ಮಾಡಿದ ಈ ಶತಮಾನದ ಸಂತ ಶ್ರೀ ಬಾಲಗಂಗಾಧರನಾಥ ಶ್ರೀಗಳ ಪುಣ್ಯ
ಸ್ಮರಣೆ ಮಾಡುತ್ತಿರುವುದು ಉತ್ತಮವಾದ ಕೆಲಸ ಎಂದು ಹೇಳಿದರು. ತುಮಕೂರು ಜಿಲ್ಲಾ ಪಂಚಾಯತ್ ಸಿಎಸಿ ಜಿ.ಪ್ರಭು ಅವರು ಮಾತನಾಡಿ ಪುಣ್ಯ ಸ್ಮರಣೆ ಎನ್ನುವಂತಹದ್ದು ವಿಸ್ಮಯ ಚೇತನವಾಗಿ ನಮ್ಮ ಮುಂದೆ ಇದ್ದ ಶ್ರೀಗಳು ಹಾಕಿಕೊಟ್ಟ ದಾರಿಯಲ್ಲಿ ನಾವೆಲ್ಲರೂ ಮುಂದೆ ಸಾಗಬೇಕು. ಸಮಾಜಮುಖಿ ಕೆಲಸಗಳನ್ನು ಮಾಡಬೇಕು ಎನ್ನುವುದು ಈ ಕಾರ್ಯಕ್ರಮದ ಉದ್ದೇಶ ಎನ್ನಬಹುದು. ಪರಮಪೂಜ್ಯ ಗುರುಗಳ ಆಶೀರ್ವಾದ ನನ್ನ ಕುಟುಂಬಕ್ಕೆ ಸದಾ ಇದ್ದ ಕಾರಣ ಉತ್ತಮವಾದ ಕೆಲಸ ಮಾಡಲು ಸಾಧ್ಯವಾಗಿದೆ. ಶ್ರೀಗಳು ಹಾಕಿಕೊಟ್ಟ ದಾರಿಯಲ್ಲಿಯೇ ನಡೆಯುತ್ತಿದ್ದೇನೆ. ನಾನು ಮೊದಲ ಬಾರಿಗೆ ಅಧಿಕಾರಿಯಾಗಿ ಸೇವೆ ಸಲ್ಲಿಸುವ ಸಮಯದಲ್ಲಿ ಶ್ರೀಗಳ ಆಶೀರ್ವಾದ ಪಡೆಯಲು ಹೋದಾಗ ಒಬ್ಬ ವ್ಯಕ್ತಿ ತಮ್ಮ ವ್ಯಕ್ತಿತ್ವದಿಂದ ಮಾತ್ರ ಸೇವೆ ಮಾಡಲಿಕ್ಕೆ ಹಾಗೂ ಸಮಾಜದಲ್ಲಿ ಗೌರವವನ್ನು ಗಳಿಸಲಿಕ್ಕೆ ಸಾಧ್ಯ ನೀನು ನಿನ್ನ ತನದಿಂದ ಅಧಿಕಾರಿಯಾಗಬೇಕು ಎಂದು ಕಿವಿ ಮಾತನ್ನು ಹೇಳಿದರು ಎಂದು ಸ್ಮರಿಸಿಕೊಂಡರು. ಈ ಸಂದರ್ಭದಲ್ಲಿ ಭೈರವ ಹೋಟೆಲ್ ಮಾಲೀಕ ಪ್ರಕಾಶ್ ಮೂರ್ತಿ, ಪಾಲಿಕೆ ಮಾಜಿ ಸದಸ್ಯ ಧರಣೇಂದ್ರಕುಮಾರ್, ಮನೋಹರ್ ಗೌಡ, ಮುಖಂಡರಾದ ನರಸೇಗೌಡ, ಬೆಳ್ಳಿ ಲೋಕೇಶ್, ಭೈರವ ಗಿರೀಶ್, ಯುವ ಮುಖಂಡ ಪುನೀತ್ ಗೌಡ, ಪತ್ರಕರ್ತ ಪಿ.ಎನ್ ದುಂಬಣಾಗೌಡ, ಹರೀಶ್ ಬಾಬ್ಯಾ, ವಿರೂಪಾಕ್ಷ, ಗುರುರಾಜ್, ಶ್ರೀನಿವಾಸ್, ವಾಸನ್ನ ಸೇರಿದಂತೆ ಇತರರಿದ್ದರು.
ಸ್ಮರಣ ಕಾರ್ಯಕ್ರಮ ಭೈರವ ಗ್ರೂಪ್ಸ್ ಮತ್ತು ಸಂಗಡಿಗರು ಸೇರಿ ಮಾಡುತ್ತಿದ್ದಾರೆ. ಒಕ್ಕಲಿಗ ಸಮುದಾಯಕ್ಕೆ ಶಕ್ತಿ ಇಲ್ಲ ಎನ್ನುವ ಸಮಯದಲ್ಲಿ ಇದ್ದ ಶ್ರೀ ಬಾಲಗಂಗಾಧರನಾಥ ಶ್ರೀಗಳು ಆದಿಚುಂಚನಗಿರಿಯಲ್ಲಿ 71ನೇ ಪೀಠಾಧ್ಯಕ್ಷರಾಗಿದ್ದು ಸಣ್ಣಪುಟ್ಟ ಮಠಗಳನ್ನು ಗುರುತಿಸಿ ಅವುಗಳಿಗೆ ಶಕ್ತಿ ತುಂಬಿ ಮಠವನ್ನು ಎತ್ತರಕ್ಕೆ ಬೆಳೆಸಿದ ಕೀರ್ತಿ ಶ್ರೀಗಳಿಗೆ ಸಲ್ಲುತ್ತದೆ. ಒಕ್ಕಲಿಗ ಸಮುದಾಯ ಮತ್ತು ರೈತಾಪಿ ವರ್ಗಕ್ಕೆ ಅನ್ಯಾಯ ಆದಾಗ ಧ್ವನಿ ಎತ್ತುವ ಶಕ್ತಿಯನ್ನು ಅವರು ಹೊಂದಿದ್ದರು. ಶೈಕ್ಷಣಿಕವಾಗಿ ಹಾಗೂ ಧಾರ್ಮಿಕ ಕ್ಷೇತ್ರದಲ್ಲಿ ಸಮುದಾಯವನ್ನು ಗುರುತಿಸಿ ಅವರಿಗೆ ಶಿಕ್ಷಣ ಭೋದನೆ ಮಾಡಿ ಮಠಗಳನ್ನು ಕಟ್ಟಿದವರು. ಶ್ರೀಗಳು ಕೇವಲ ಧಾರ್ಮಿಕವಾಗಿ
ನೀಡಿದವರು. ಪ್ರತಿವರ್ಷ ಹಬ್ಬಗಳನ್ನು ಮಾಡುವಂತೆ ಪ್ರತಿಯೊಬ್ಬರೂ ಶ್ರೀಗಳನ್ನು ನೆನಪು ಮಾಡಿಕೊಳ್ಳುವ ಕೆಲಸ ಮಾಡಬೇಕು. ಪೂಜ್ಯರು ಹಾಕಿ ಕೊಟ್ಟ ಮಾರ್ಗದಲ್ಲಿ ನಾವೆಲ್ಲರೂ ಸಾಗೋಣ ಎಂದರು. ಶಾಸಕ ಬಿ.ಜಿ ಜ್ಯೋತಿಗಣೇಶ್ ಮಾತನಾಡಿ ಪರಮ ಪೂಜ್ಯರ ಜೊತೆ ನಮ್ಮ ತಂದೆಯವರು ತುಂಬಾ ಒಡನಾಟ ಇದ್ದಕಾರಣ ನಮ್ಮ ಕಾಲೇಜು ಉದ್ಘಾಟನೆಗೆ ಬಂದು ಆಶೀರ್ವಾದ ಮಾಡಿದ್ದರು ಎಂದು ಇದೇ ಸಂದರ್ಭದಲ್ಲಿ ಸ್ಮರಿಸಿಕೊಂಡರು. ಬಾಲ ಗಂಗಾಧರನಾಥ ಸ್ವಾಮೀಜಿಯವರು ಶಿಕ್ಷಣ ಸಂಸ್ಥೆಯನ್ನು, ರಾಜ್ಯ ಮತ್ತು ರಾಷ್ಟ್ರ ಮಟ್ಟದಲ್ಲಿ ಬೆಳೆಸಿದವರು. ಶ್ರೇಷ್ಠ ಸಂತರಾಗಿ ಸಮಾಜಕ್ಕೆ ಹೆಚ್ಚಿನ ಕೊಡುಗೆಯನ್ನು ನೀಡಿದ್ದಾರೆ. ಪೂಜ್ಯರ ಪುಣ್ಯ
